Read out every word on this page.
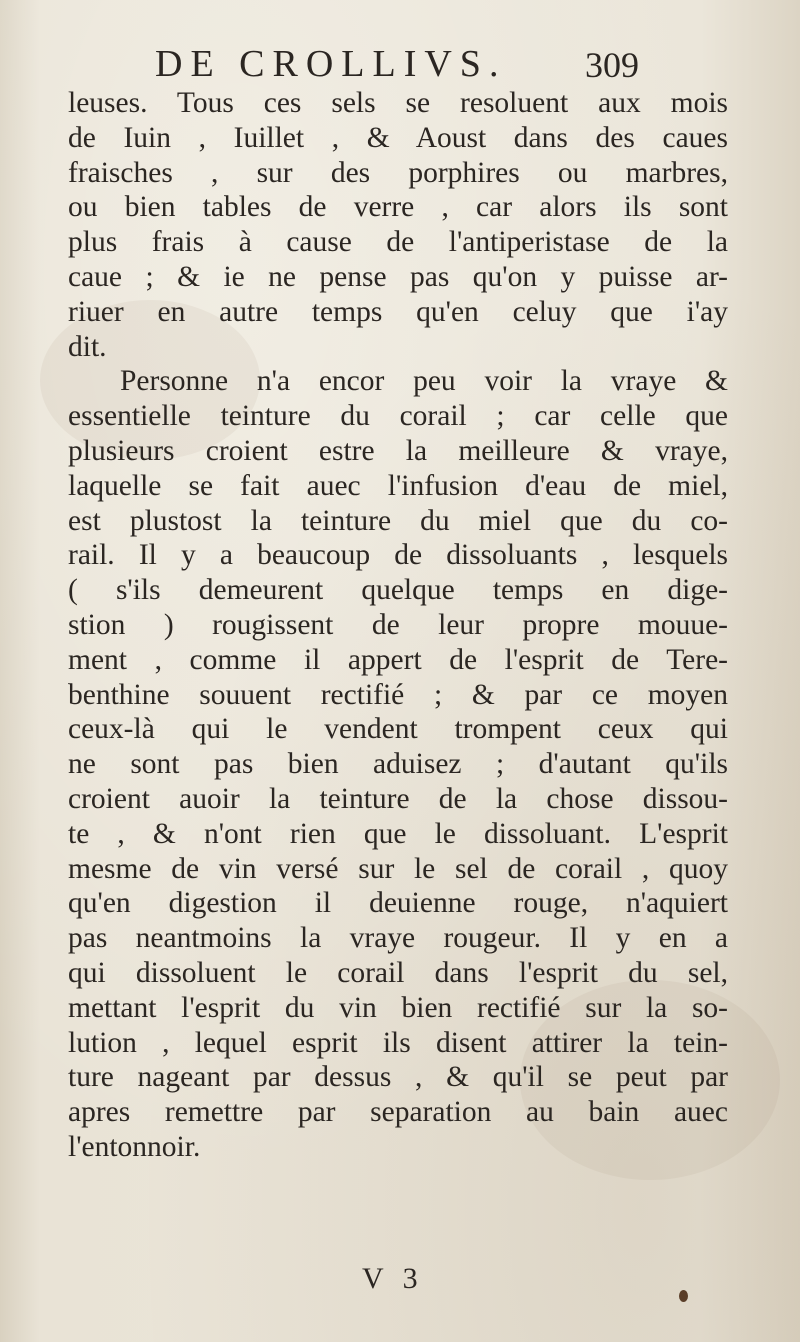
DE CROLLIVS. 309
leuses. Tous ces sels se resoluent aux mois
de Iuin , Iuillet , & Aoust dans des caues
fraisches , sur des porphires ou marbres,
ou bien tables de verre , car alors ils sont
plus frais à cause de l'antiperistase de la
caue ; & ie ne pense pas qu'on y puisse ar-
riuer en autre temps qu'en celuy que i'ay
dit.
Personne n'a encor peu voir la vraye &
essentielle teinture du corail ; car celle que
plusieurs croient estre la meilleure & vraye,
laquelle se fait auec l'infusion d'eau de miel,
est plustost la teinture du miel que du co-
rail. Il y a beaucoup de dissoluants , lesquels
( s'ils demeurent quelque temps en dige-
stion ) rougissent de leur propre mouue-
ment , comme il appert de l'esprit de Tere-
benthine souuent rectifié ; & par ce moyen
ceux-là qui le vendent trompent ceux qui
ne sont pas bien aduisez ; d'autant qu'ils
croient auoir la teinture de la chose dissou-
te , & n'ont rien que le dissoluant. L'esprit
mesme de vin versé sur le sel de corail , quoy
qu'en digestion il deuienne rouge, n'aquiert
pas neantmoins la vraye rougeur. Il y en a
qui dissoluent le corail dans l'esprit du sel,
mettant l'esprit du vin bien rectifié sur la so-
lution , lequel esprit ils disent attirer la tein-
ture nageant par dessus , & qu'il se peut par
apres remettre par separation au bain auec
l'entonnoir.
V 3
